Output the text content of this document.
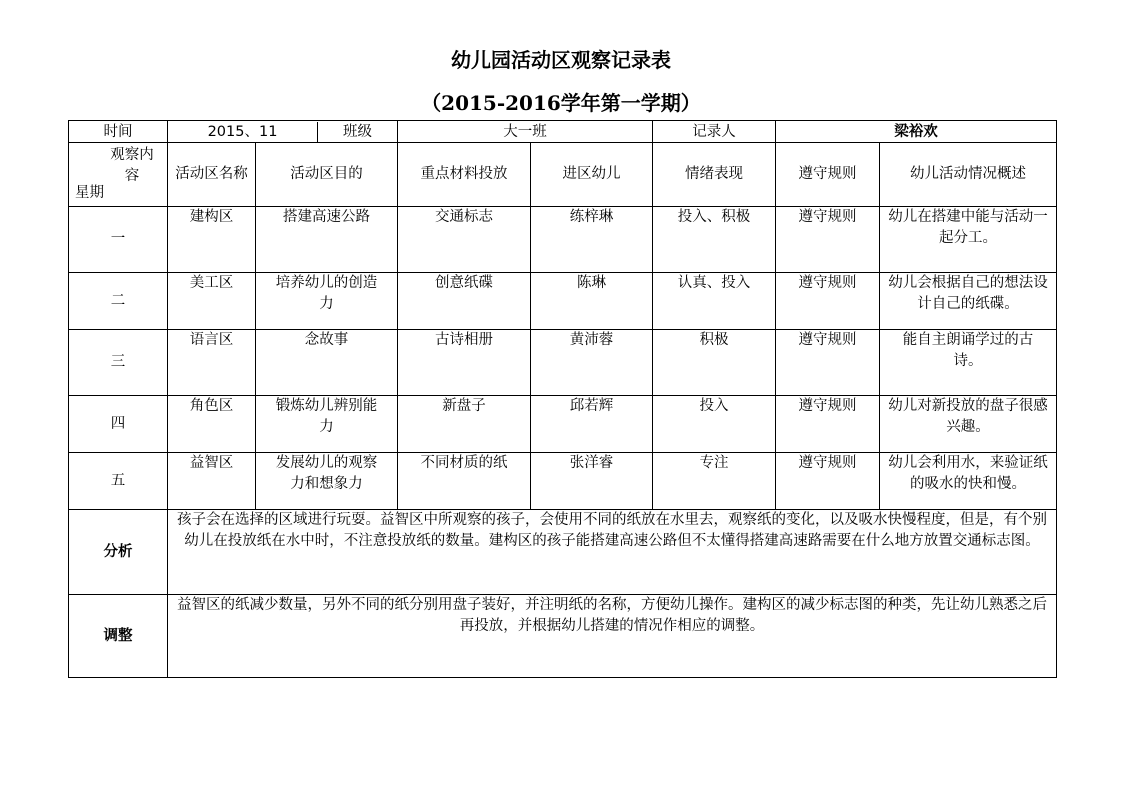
幼儿园活动区观察记录表
（2015-2016学年第一学期）
时间	2015、11 班级		大一班		记录人	梁裕欢	

观察内容
星期	活动区名称	活动区目的	重点材料投放	进区幼儿	情绪表现	遵守规则	幼儿活动情况概述
一	建构区	搭建高速公路	交通标志	练梓琳	投入、积极	遵守规则	幼儿在搭建中能与活动一起分工。
二	美工区	培养幼儿的创造力	创意纸碟	陈琳	认真、投入	遵守规则	幼儿会根据自己的想法设计自己的纸碟。
三	语言区	念故事	古诗相册	黄沛蓉	积极	遵守规则	能自主朗诵学过的古诗。
四	角色区	锻炼幼儿辨别能力	新盘子	邱若辉	投入	遵守规则	幼儿对新投放的盘子很感兴趣。
五	益智区	发展幼儿的观察力和想象力	不同材质的纸	张洋睿	专注	遵守规则	幼儿会利用水，来验证纸的吸水的快和慢。
分析	孩子会在选择的区域进行玩耍。益智区中所观察的孩子，会使用不同的纸放在水里去，观察纸的变化，以及吸水快慢程度，但是，有个别幼儿在投放纸在水中时，不注意投放纸的数量。建构区的孩子能搭建高速公路但不太懂得搭建高速路需要在什么地方放置交通标志图。						
调整	益智区的纸减少数量，另外不同的纸分别用盘子装好，并注明纸的名称，方便幼儿操作。建构区的减少标志图的种类，先让幼儿熟悉之后再投放，并根据幼儿搭建的情况作相应的调整。						
